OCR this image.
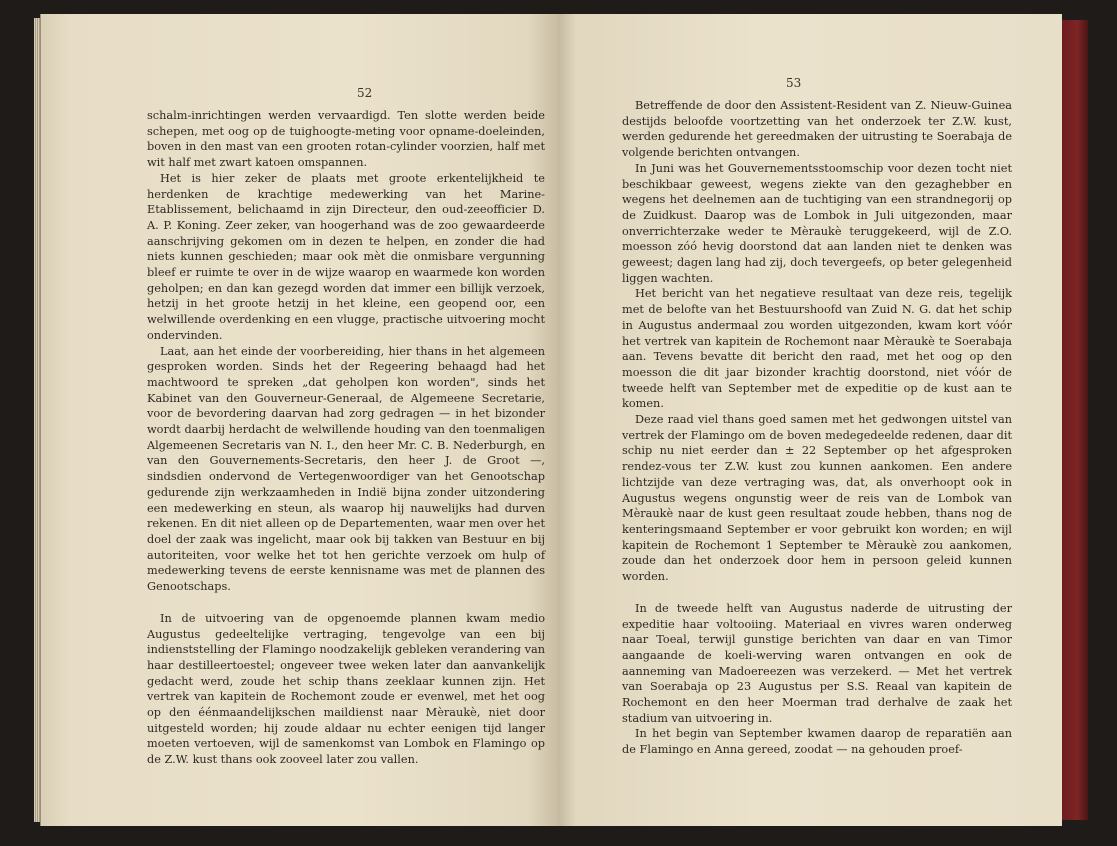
52

schalm-inrichtingen werden vervaardigd. Ten slotte werden beide schepen, met oog op de tuighoogte-meting voor opname-doeleinden, boven in den mast van een grooten rotan-cylinder voorzien, half met wit half met zwart katoen omspannen.

Het is hier zeker de plaats met groote erkentelijkheid te herdenken de krachtige medewerking van het Marine-Etablissement, belichaamd in zijn Directeur, den oud-zeeofficier D. A. P. Koning. Zeer zeker, van hoogerhand was de zoo gewaardeerde aanschrijving gekomen om in dezen te helpen, en zonder die had niets kunnen geschieden; maar ook mèt die onmisbare vergunning bleef er ruimte te over in de wijze waarop en waarmede kon worden geholpen; en dan kan gezegd worden dat immer een billijk verzoek, hetzij in het groote hetzij in het kleine, een geopend oor, een welwillende overdenking en een vlugge, practische uitvoering mocht ondervinden.

Laat, aan het einde der voorbereiding, hier thans in het algemeen gesproken worden. Sinds het der Regeering behaagd had het machtwoord te spreken „dat geholpen kon worden", sinds het Kabinet van den Gouverneur-Generaal, de Algemeene Secretarie, voor de bevordering daarvan had zorg gedragen — in het bizonder wordt daarbij herdacht de welwillende houding van den toenmaligen Algemeenen Secretaris van N. I., den heer Mr. C. B. Nederburgh, en van den Gouvernements-Secretaris, den heer J. de Groot —, sindsdien ondervond de Vertegenwoordiger van het Genootschap gedurende zijn werkzaamheden in Indië bijna zonder uitzondering een medewerking en steun, als waarop hij nauwelijks had durven rekenen. En dit niet alleen op de Departementen, waar men over het doel der zaak was ingelicht, maar ook bij takken van Bestuur en bij autoriteiten, voor welke het tot hen gerichte verzoek om hulp of medewerking tevens de eerste kennisname was met de plannen des Genootschaps.

In de uitvoering van de opgenoemde plannen kwam medio Augustus gedeeltelijke vertraging, tengevolge van een bij indienststelling der Flamingo noodzakelijk gebleken verandering van haar destilleertoestel; ongeveer twee weken later dan aanvankelijk gedacht werd, zoude het schip thans zeeklaar kunnen zijn. Het vertrek van kapitein de Rochemont zoude er evenwel, met het oog op den éénmaandelijkschen maildienst naar Mèraukè, niet door uitgesteld worden; hij zoude aldaar nu echter eenigen tijd langer moeten vertoeven, wijl de samenkomst van Lombok en Flamingo op de Z.W. kust thans ook zooveel later zou vallen.

53

Betreffende de door den Assistent-Resident van Z. Nieuw-Guinea destijds beloofde voortzetting van het onderzoek ter Z.W. kust, werden gedurende het gereedmaken der uitrusting te Soerabaja de volgende berichten ontvangen.

In Juni was het Gouvernementsstoomschip voor dezen tocht niet beschikbaar geweest, wegens ziekte van den gezaghebber en wegens het deelnemen aan de tuchtiging van een strandnegorij op de Zuidkust. Daarop was de Lombok in Juli uitgezonden, maar onverrichterzake weder te Mèraukè teruggekeerd, wijl de Z.O. moesson zóó hevig doorstond dat aan landen niet te denken was geweest; dagen lang had zij, doch tevergeefs, op beter gelegenheid liggen wachten.

Het bericht van het negatieve resultaat van deze reis, tegelijk met de belofte van het Bestuurshoofd van Zuid N. G. dat het schip in Augustus andermaal zou worden uitgezonden, kwam kort vóór het vertrek van kapitein de Rochemont naar Mèraukè te Soerabaja aan. Tevens bevatte dit bericht den raad, met het oog op den moesson die dit jaar bizonder krachtig doorstond, niet vóór de tweede helft van September met de expeditie op de kust aan te komen.

Deze raad viel thans goed samen met het gedwongen uitstel van vertrek der Flamingo om de boven medegedeelde redenen, daar dit schip nu niet eerder dan ± 22 September op het afgesproken rendez-vous ter Z.W. kust zou kunnen aankomen. Een andere lichtzijde van deze vertraging was, dat, als onverhoopt ook in Augustus wegens ongunstig weer de reis van de Lombok van Mèraukè naar de kust geen resultaat zoude hebben, thans nog de kenteringsmaand September er voor gebruikt kon worden; en wijl kapitein de Rochemont 1 September te Mèraukè zou aankomen, zoude dan het onderzoek door hem in persoon geleid kunnen worden.

In de tweede helft van Augustus naderde de uitrusting der expeditie haar voltooiing. Materiaal en vivres waren onderweg naar Toeal, terwijl gunstige berichten van daar en van Timor aangaande de koeli-werving waren ontvangen en ook de aanneming van Madoereezen was verzekerd. — Met het vertrek van Soerabaja op 23 Augustus per S.S. Reaal van kapitein de Rochemont en den heer Moerman trad derhalve de zaak het stadium van uitvoering in.

In het begin van September kwamen daarop de reparatiën aan de Flamingo en Anna gereed, zoodat — na gehouden proef-
